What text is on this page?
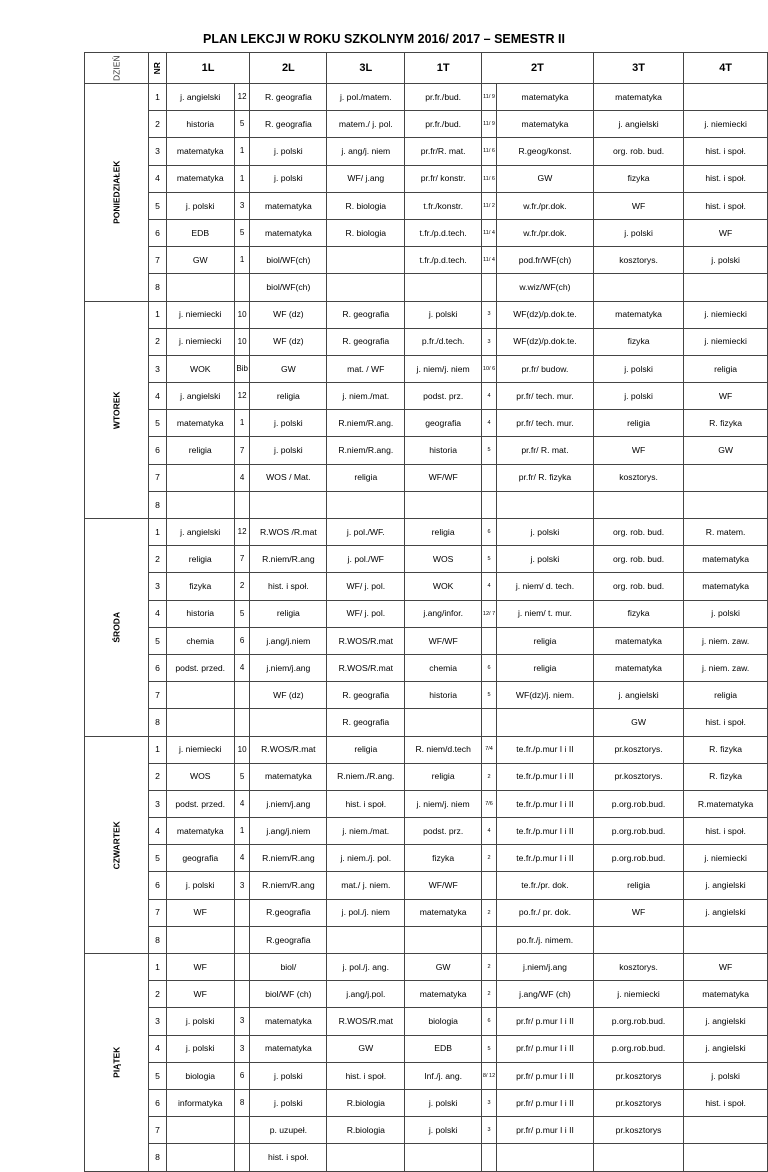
PLAN LEKCJI W ROKU SZKOLNYM 2016/ 2017 – SEMESTR II
DZIEŃ	NR	1L		2L	3L	1T	2T		3T	4T

PONIEDZIAŁEK	1	j. angielski	12	R. geografia	j. pol./matem.	pr.fr./bud.	11/ 9	matematyka	matematyka	
	2	historia	5	R. geografia	matem./ j. pol.	pr.fr./bud.	11/ 9	matematyka	j. angielski	j. niemiecki
	3	matematyka	1	j. polski	j. ang/j. niem	pr.fr/R. mat.	11/ 6	R.geog/konst.	org. rob. bud.	hist. i społ.
	4	matematyka	1	j. polski	WF/ j.ang	pr.fr/ konstr.	11/ 6	GW	fizyka	hist. i społ.
	5	j. polski	3	matematyka	R. biologia	t.fr./konstr.	11/ 2	w.fr./pr.dok.	WF	hist. i społ.
	6	EDB	5	matematyka	R. biologia	t.fr./p.d.tech.	11/ 4	w.fr./pr.dok.	j. polski	WF
	7	GW	1	biol/WF(ch)		t.fr./p.d.tech.	11/ 4	pod.fr/WF(ch)	kosztorys.	j. polski
	8			biol/WF(ch)				w.wiz/WF(ch)		

WTOREK	1	j. niemiecki	10	WF (dz)	R. geografia	j. polski	3	WF(dz)/p.dok.te.	matematyka	j. niemiecki
	2	j. niemiecki	10	WF (dz)	R. geografia	p.fr./d.tech.	3	WF(dz)/p.dok.te.	fizyka	j. niemiecki
	3	WOK	Bib	GW	mat. / WF	j. niem/j. niem	10/ 6	pr.fr/ budow.	j. polski	religia
	4	j. angielski	12	religia	j. niem./mat.	podst. prz.	4	pr.fr/ tech. mur.	j. polski	WF
	5	matematyka	1	j. polski	R.niem/R.ang.	geografia	4	pr.fr/ tech. mur.	religia	R. fizyka
	6	religia	7	j. polski	R.niem/R.ang.	historia	5	pr.fr/ R. mat.	WF	GW
	7		4	WOS / Mat.	religia	WF/WF		pr.fr/ R. fizyka	kosztorys.	
	8									

ŚRODA	1	j. angielski	12	R.WOS /R.mat	j. pol./WF.	religia	6	j. polski	org. rob. bud.	R. matem.
	2	religia	7	R.niem/R.ang	j. pol./WF	WOS	5	j. polski	org. rob. bud.	matematyka
	3	fizyka	2	hist. i społ.	WF/ j. pol.	WOK	4	j. niem/ d. tech.	org. rob. bud.	matematyka
	4	historia	5	religia	WF/ j. pol.	j.ang/infor.	12/ 7	j. niem/ t. mur.	fizyka	j. polski
	5	chemia	6	j.ang/j.niem	R.WOS/R.mat	WF/WF		religia	matematyka	j. niem. zaw.
	6	podst. przed.	4	j.niem/j.ang	R.WOS/R.mat	chemia	6	religia	matematyka	j. niem. zaw.
	7			WF (dz)	R. geografia	historia	5	WF(dz)/j. niem.	j. angielski	religia
	8				R. geografia				GW	hist. i społ.

CZWARTEK	1	j. niemiecki	10	R.WOS/R.mat	religia	R. niem/d.tech	7/4	te.fr./p.mur I i II	pr.kosztorys.	R. fizyka
	2	WOS	5	matematyka	R.niem./R.ang.	religia	2	te.fr./p.mur I i II	pr.kosztorys.	R. fizyka
	3	podst. przed.	4	j.niem/j.ang	hist. i społ.	j. niem/j. niem	7/6	te.fr./p.mur I i II	p.org.rob.bud.	R.matematyka
	4	matematyka	1	j.ang/j.niem	j. niem./mat.	podst. prz.	4	te.fr./p.mur I i II	p.org.rob.bud.	hist. i społ.
	5	geografia	4	R.niem/R.ang	j. niem./j. pol.	fizyka	2	te.fr./p.mur I i II	p.org.rob.bud.	j. niemiecki
	6	j. polski	3	R.niem/R.ang	mat./ j. niem.	WF/WF		te.fr./pr. dok.	religia	j. angielski
	7	WF		R.geografia	j. pol./j. niem	matematyka	2	po.fr./ pr. dok.	WF	j. angielski
	8			R.geografia				po.fr./j. nimem.		

PIĄTEK	1	WF		biol/	j. pol./j. ang.	GW	2	j.niem/j.ang	kosztorys.	WF
	2	WF		biol/WF (ch)	j.ang/j.pol.	matematyka	2	j.ang/WF (ch)	j. niemiecki	matematyka
	3	j. polski	3	matematyka	R.WOS/R.mat	biologia	6	pr.fr/ p.mur I i II	p.org.rob.bud.	j. angielski
	4	j. polski	3	matematyka	GW	EDB	5	pr.fr/ p.mur I i II	p.org.rob.bud.	j. angielski
	5	biologia	6	j. polski	hist. i społ.	Inf./j. ang.	8/ 12	pr.fr/ p.mur I i II	pr.kosztorys	j. polski
	6	informatyka	8	j. polski	R.biologia	j. polski	3	pr.fr/ p.mur I i II	pr.kosztorys	hist. i społ.
	7			p. uzupeł.	R.biologia	j. polski	3	pr.fr/ p.mur I i II	pr.kosztorys	
	8			hist. i społ.						
